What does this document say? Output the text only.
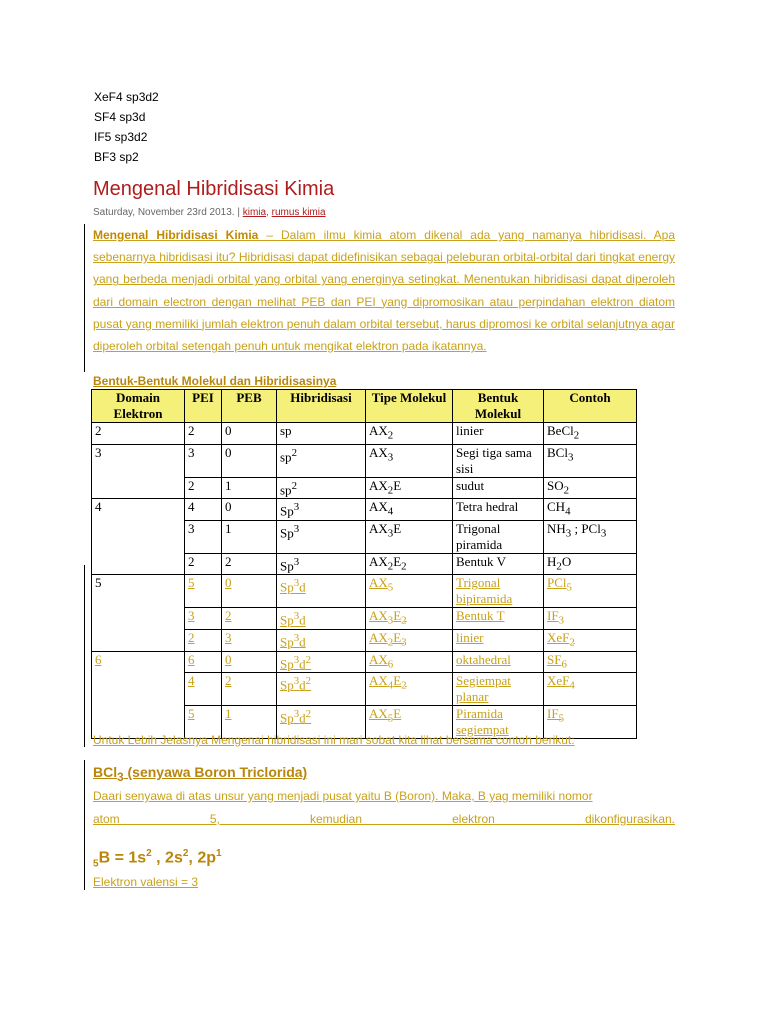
XeF4 sp3d2
SF4 sp3d
IF5 sp3d2
BF3 sp2
Mengenal Hibridisasi Kimia
Saturday, November 23rd 2013. | kimia, rumus kimia
Mengenal Hibridisasi Kimia – Dalam ilmu kimia atom dikenal ada yang namanya hibridisasi. Apa sebenarnya hibridisasi itu? Hibridisasi dapat didefinisikan sebagai peleburan orbital-orbital dari tingkat energy yang berbeda menjadi orbital yang orbital yang energinya setingkat. Menentukan hibridisasi dapat diperoleh dari domain electron dengan melihat PEB dan PEI yang dipromosikan atau perpindahan elektron diatom pusat yang memiliki jumlah elektron penuh dalam orbital tersebut, harus dipromosi ke orbital selanjutnya agar diperoleh orbital setengah penuh untuk mengikat elektron pada ikatannya.
Bentuk-Bentuk Molekul dan Hibridisasinya
Domain Elektron	PEI	PEB	Hibridisasi	Tipe Molekul	Bentuk Molekul	Contoh
2	2	0	sp	$AX_2$	linier	BeCl$_2$
3	3	0	$sp^2$	$AX_3$	Segi tiga sama sisi	BCl$_3$
	2	1	$sp^2$	$AX_2E$	sudut	$SO_2$
4	4	0	Sp$^3$	$AX_4$	Tetra hedral	$CH_4$
	3	1	Sp$^3$	$AX_3E$	Trigonal piramida	$NH_3$ ; PCl$_3$
	2	2	Sp$^3$	$AX_2E_2$	Bentuk V	$H_2O$
5	5	0	Sp$^3$d	$AX_5$	Trigonal bipiramida	PCl$_5$
	3	2	Sp$^3$d	$AX_3E_2$	Bentuk T	$IF_3$
	2	3	Sp$^3$d	$AX_2E_3$	linier	XeF$_2$
6	6	0	$Sp^3d^2$	$AX_6$	oktahedral	$SF_6$
	4	2	$Sp^3d^2$	$AX_4E_2$	Segiempat planar	XeF$_4$
	5	1	$Sp^3d^2$	$AX_5E$	Piramida segiempat	$IF_5$
Untuk Lebih Jelasnya Mengenai hibridisasi ini mari sobat kita lihat bersama contoh berikut:
BCl$_3$ (senyawa Boron Triclorida)
Daari senyawa di atas unsur yang menjadi pusat yaitu B (Boron). Maka, B yag memiliki nomor
atom 5, kemudian elektron dikonfigurasikan.
$_5B = 1s^2$ , $2s^2$, $2p^1$
Elektron valensi = 3
